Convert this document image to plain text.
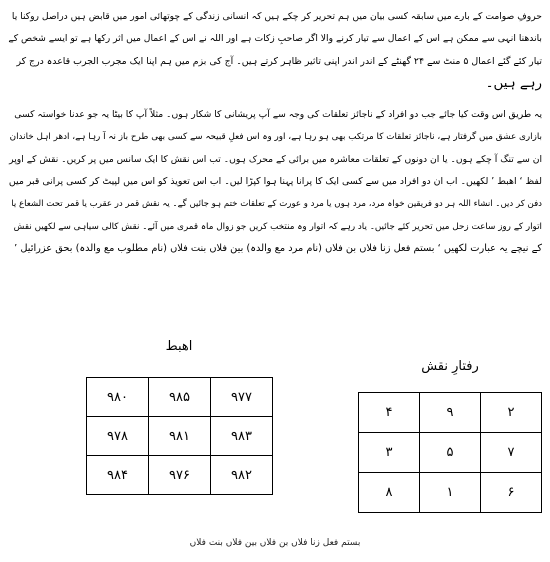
حروفِ صوامت کے بارے میں سابقہ کسی بیان میں ہم تحریر کر چکے ہیں کہ انسانی زندگی کے چوتھائی امور میں قابض ہیں دراصل روکنا یا
باندھنا انہی سے ممکن ہے اس کے اعمال سے تیار کرنے والا اگر صاحبِ زکات ہے اور اللہ نے اس کے اعمال میں اثر رکھا ہے تو ایسے شخص کے
تیار کئے گئے اعمال ۵ منٹ سے ۲۴ گھنٹے کے اندر اندر اپنی تاثیر ظاہر کرتے ہیں۔ آج کی بزم میں ہم اپنا ایک مجرب الجرب قاعدہ درج کر
رہے ہیں۔
یہ طریق اس وقت کیا جائے جب دو افراد کے ناجائز تعلقات کی وجہ سے آپ پریشانی کا شکار ہوں۔ مثلاً آپ کا بیٹا یہ جو عدنا خواستہ کسی
بازاری عشق میں گرفتار ہے، ناجائز تعلقات کا مرتکب بھی ہو رہا ہے، اور وہ اس فعلِ قبیحہ سے کسی بھی طرح باز نہ آ رہا ہے، ادھر اہل خاندان
ان سے تنگ آ چکے ہوں۔ یا ان دونوں کے تعلقات معاشرہ میں برائی کے محرک ہوں۔ تب اس نقش کا ایک سانس میں پر کریں۔ نقش کے اوپر
لفظ ‘ اھبط ’ لکھیں۔ اب ان دو افراد میں سے کسی ایک کا پرانا پہنا ہوا کپڑا لیں۔ اب اس تعویذ کو اس میں لپیٹ کر کسی پرانی قبر میں
دفن کر دیں۔ انشاء اللہ ہر دو فریقین خواہ مرد، مرد ہوں یا مرد و عورت کے تعلقات ختم ہو جائیں گے۔ یہ نقش قمر در عقرب یا قمر تحت الشعاع یا
اتوار کے روز ساعت زحل میں تحریر کئے جائیں۔ یاد رہے کہ اتوار وہ منتخب کریں جو زوال ماہ قمری میں آئے۔ نقش کالی سیاہی سے لکھیں نقش
کے نیچے یہ عبارت لکھیں ‘ بستم فعل زنا فلاں بن فلاں (نام مرد مع والدہ) بین فلاں بنت فلاں (نام مطلوب مع والدہ) بحق عزرائیل ’
رفتارِ نقش
۲	۹	۴
۷	۵	۳
۶	۱	۸
اھبط
۹۷۷	۹۸۵	۹۸۰
۹۸۳	۹۸۱	۹۷۸
۹۸۲	۹۷۶	۹۸۴
بستم فعل زنا فلاں بن فلاں بین فلاں بنت فلاں
